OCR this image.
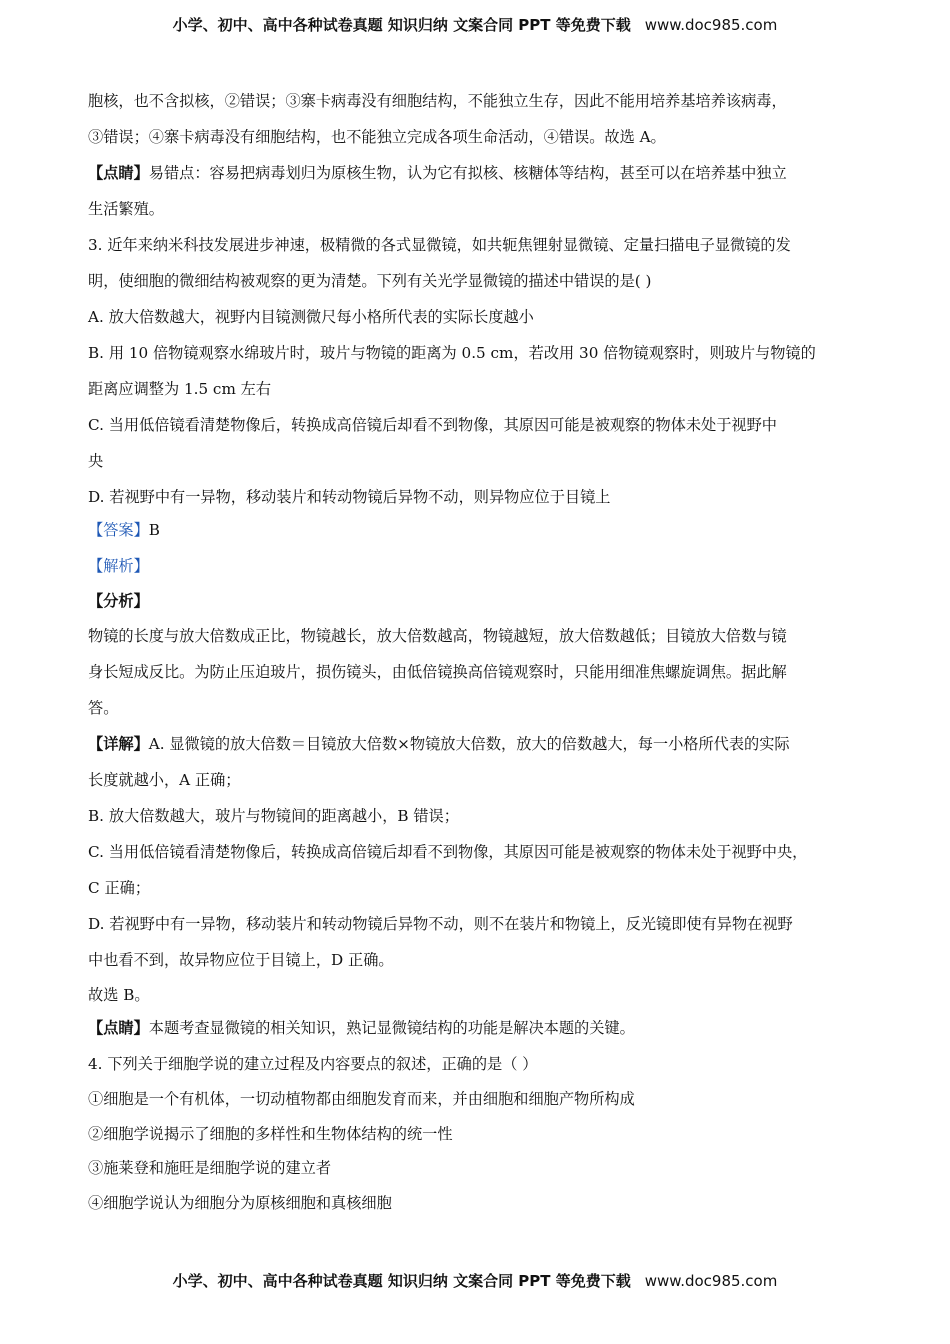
小学、初中、高中各种试卷真题 知识归纳 文案合同 PPT 等免费下载 www.doc985.com
胞核，也不含拟核，②错误；③寨卡病毒没有细胞结构，不能独立生存，因此不能用培养基培养该病毒，
③错误；④寨卡病毒没有细胞结构，也不能独立完成各项生命活动，④错误。故选 A。
【点睛】易错点：容易把病毒划归为原核生物，认为它有拟核、核糖体等结构，甚至可以在培养基中独立
生活繁殖。
3. 近年来纳米科技发展进步神速，极精微的各式显微镜，如共轭焦锂射显微镜、定量扫描电子显微镜的发
明，使细胞的微细结构被观察的更为清楚。下列有关光学显微镜的描述中错误的是( )
A. 放大倍数越大，视野内目镜测微尺每小格所代表的实际长度越小
B. 用 10 倍物镜观察水绵玻片时，玻片与物镜的距离为 0.5 cm，若改用 30 倍物镜观察时，则玻片与物镜的
距离应调整为 1.5 cm 左右
C. 当用低倍镜看清楚物像后，转换成高倍镜后却看不到物像，其原因可能是被观察的物体未处于视野中
央
D. 若视野中有一异物，移动装片和转动物镜后异物不动，则异物应位于目镜上
【答案】B
【解析】
【分析】
物镜的长度与放大倍数成正比，物镜越长，放大倍数越高，物镜越短，放大倍数越低；目镜放大倍数与镜
身长短成反比。为防止压迫玻片，损伤镜头，由低倍镜换高倍镜观察时，只能用细准焦螺旋调焦。据此解
答。
【详解】A. 显微镜的放大倍数＝目镜放大倍数×物镜放大倍数，放大的倍数越大，每一小格所代表的实际
长度就越小，A 正确；
B. 放大倍数越大，玻片与物镜间的距离越小，B 错误；
C. 当用低倍镜看清楚物像后，转换成高倍镜后却看不到物像，其原因可能是被观察的物体未处于视野中央，
C 正确；
D. 若视野中有一异物，移动装片和转动物镜后异物不动，则不在装片和物镜上，反光镜即使有异物在视野
中也看不到，故异物应位于目镜上，D 正确。
故选 B。
【点睛】本题考查显微镜的相关知识，熟记显微镜结构的功能是解决本题的关键。
4. 下列关于细胞学说的建立过程及内容要点的叙述，正确的是（ ）
①细胞是一个有机体，一切动植物都由细胞发育而来，并由细胞和细胞产物所构成
②细胞学说揭示了细胞的多样性和生物体结构的统一性
③施莱登和施旺是细胞学说的建立者
④细胞学说认为细胞分为原核细胞和真核细胞
小学、初中、高中各种试卷真题 知识归纳 文案合同 PPT 等免费下载 www.doc985.com
